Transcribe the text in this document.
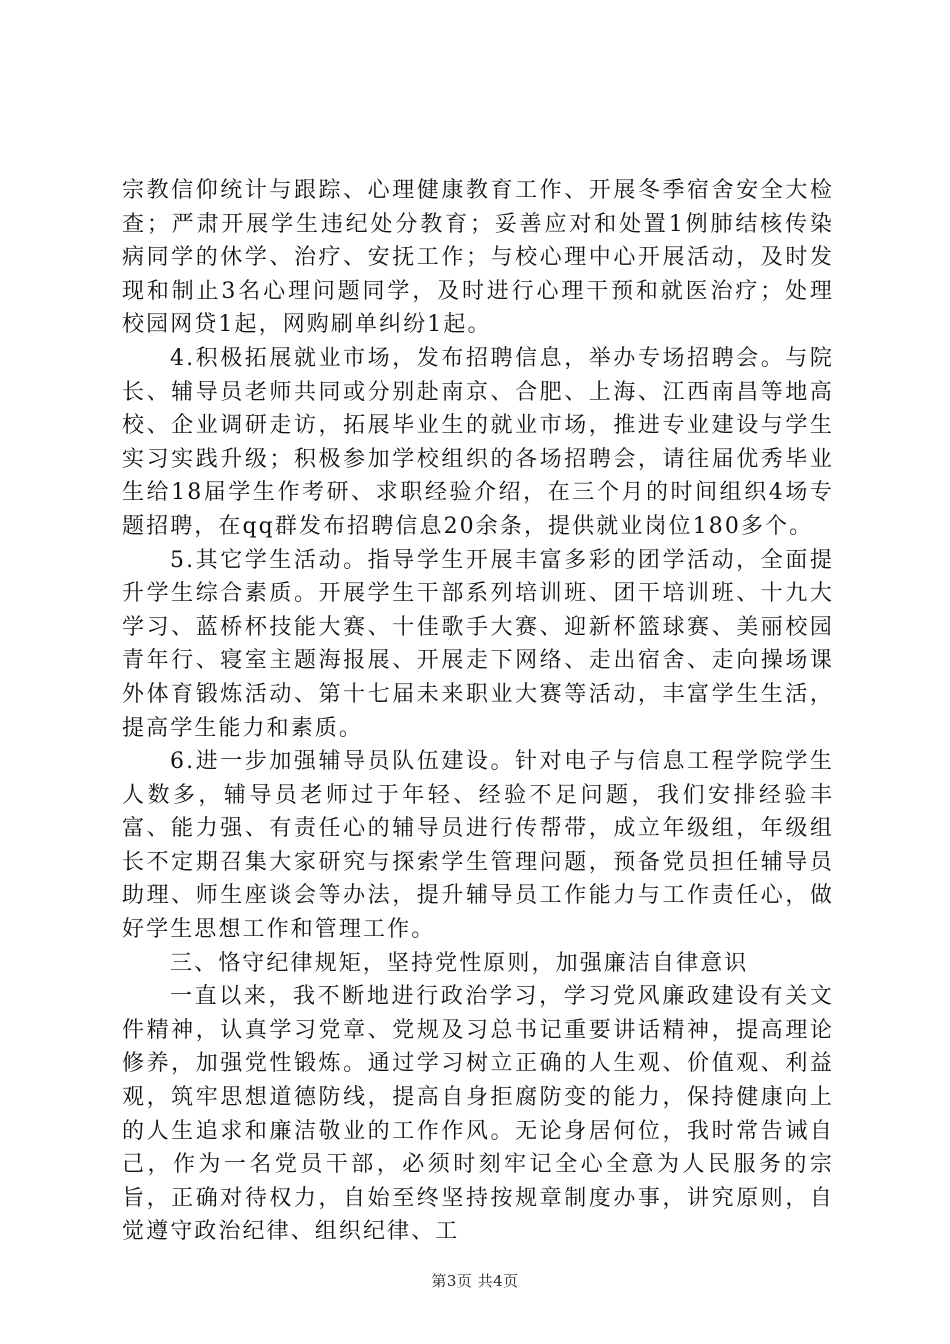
宗教信仰统计与跟踪、心理健康教育工作、开展冬季宿舍安全大检查；严肃开展学生违纪处分教育；妥善应对和处置1例肺结核传染病同学的休学、治疗、安抚工作；与校心理中心开展活动，及时发现和制止3名心理问题同学，及时进行心理干预和就医治疗；处理校园网贷1起，网购刷单纠纷1起。

4.积极拓展就业市场，发布招聘信息，举办专场招聘会。与院长、辅导员老师共同或分别赴南京、合肥、上海、江西南昌等地高校、企业调研走访，拓展毕业生的就业市场，推进专业建设与学生实习实践升级；积极参加学校组织的各场招聘会，请往届优秀毕业生给18届学生作考研、求职经验介绍，在三个月的时间组织4场专题招聘，在qq群发布招聘信息20余条，提供就业岗位180多个。

5.其它学生活动。指导学生开展丰富多彩的团学活动，全面提升学生综合素质。开展学生干部系列培训班、团干培训班、十九大学习、蓝桥杯技能大赛、十佳歌手大赛、迎新杯篮球赛、美丽校园青年行、寝室主题海报展、开展走下网络、走出宿舍、走向操场课外体育锻炼活动、第十七届未来职业大赛等活动，丰富学生生活，提高学生能力和素质。

6.进一步加强辅导员队伍建设。针对电子与信息工程学院学生人数多，辅导员老师过于年轻、经验不足问题，我们安排经验丰富、能力强、有责任心的辅导员进行传帮带，成立年级组，年级组长不定期召集大家研究与探索学生管理问题，预备党员担任辅导员助理、师生座谈会等办法，提升辅导员工作能力与工作责任心，做好学生思想工作和管理工作。

三、恪守纪律规矩，坚持党性原则，加强廉洁自律意识

一直以来，我不断地进行政治学习，学习党风廉政建设有关文件精神，认真学习党章、党规及习总书记重要讲话精神，提高理论修养，加强党性锻炼。通过学习树立正确的人生观、价值观、利益观，筑牢思想道德防线，提高自身拒腐防变的能力，保持健康向上的人生追求和廉洁敬业的工作作风。无论身居何位，我时常告诫自己，作为一名党员干部，必须时刻牢记全心全意为人民服务的宗旨，正确对待权力，自始至终坚持按规章制度办事，讲究原则，自觉遵守政治纪律、组织纪律、工

第3页 共4页
